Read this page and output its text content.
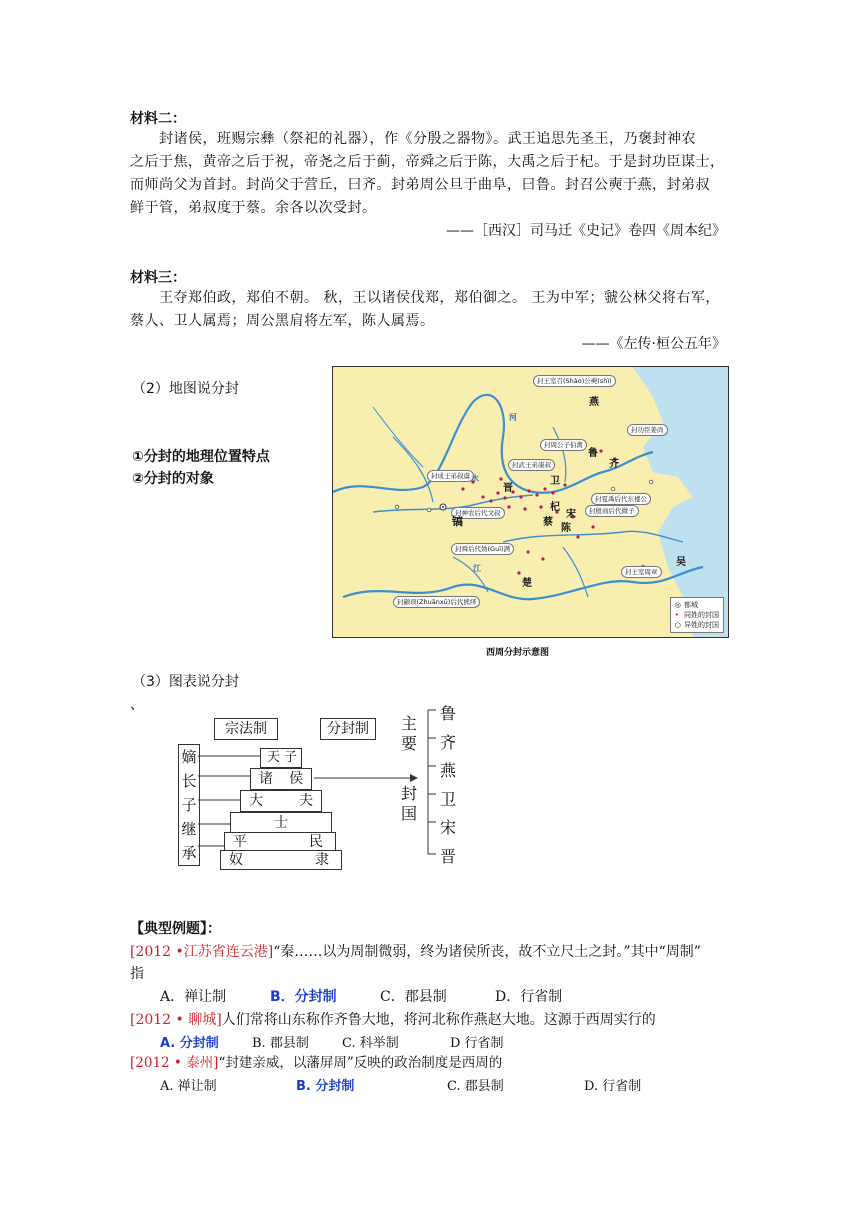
材料二：
　　封诸侯，班赐宗彝（祭祀的礼器），作《分殷之器物》。武王追思先圣王，乃褒封神农
之后于焦，黄帝之后于祝，帝尧之后于蓟，帝舜之后于陈，大禹之后于杞。于是封功臣谋士，
而师尚父为首封。封尚父于营丘，曰齐。封弟周公旦于曲阜，曰鲁。封召公奭于燕，封弟叔
鲜于管，弟叔度于蔡。余各以次受封。
——［西汉］司马迁《史记》卷四《周本纪》
材料三：
　　王夺郑伯政，郑伯不朝。 秋，王以诸侯伐郑，郑伯御之。 王为中军；虢公林父将右军，
蔡人、卫人属焉；周公黑肩将左军，陈人属焉。
——《左传·桓公五年》
（2）地图说分封
①分封的地理位置特点
②分封的对象
封王室召(Shào)公奭(shì)
封功臣姜尚
封周公子伯禽
封武王弟康叔
封成王弟叔虞
封夏禹后代东楼公
封神农后代文叔	封殷商后代微子
封舜后代妫(Guī)满
封王室周章
封颛顼(Zhuānxū)后代熊绎
燕
齐
鲁
卫
晋
杞
宋
陈
蔡
镐
楚
吴
河
水
江
◎ 都城
• 同姓的封国
○ 异姓的封国
西周分封示意图
（3）图表说分封
、
宗法制	分封制
嫡
长
子
继
承
天 子
诸 侯
大	夫
士
平	民
奴	隶
主
要
封
国
鲁
齐
燕
卫
宋
晋
【典型例题】：
[2012 •江苏省连云港]“秦……以为周制微弱，终为诸侯所丧，故不立尺土之封。”其中“周制”
指
A．禅让制	B．分封制	C．郡县制	D．行省制
[2012 • 聊城]人们常将山东称作齐鲁大地，将河北称作燕赵大地。这源于西周实行的
A. 分封制	B. 郡县制	C. 科举制	D 行省制
[2012 • 泰州]“封建亲威，以藩屏周”反映的政治制度是西周的
A. 禅让制	B. 分封制	C. 郡县制	D. 行省制
